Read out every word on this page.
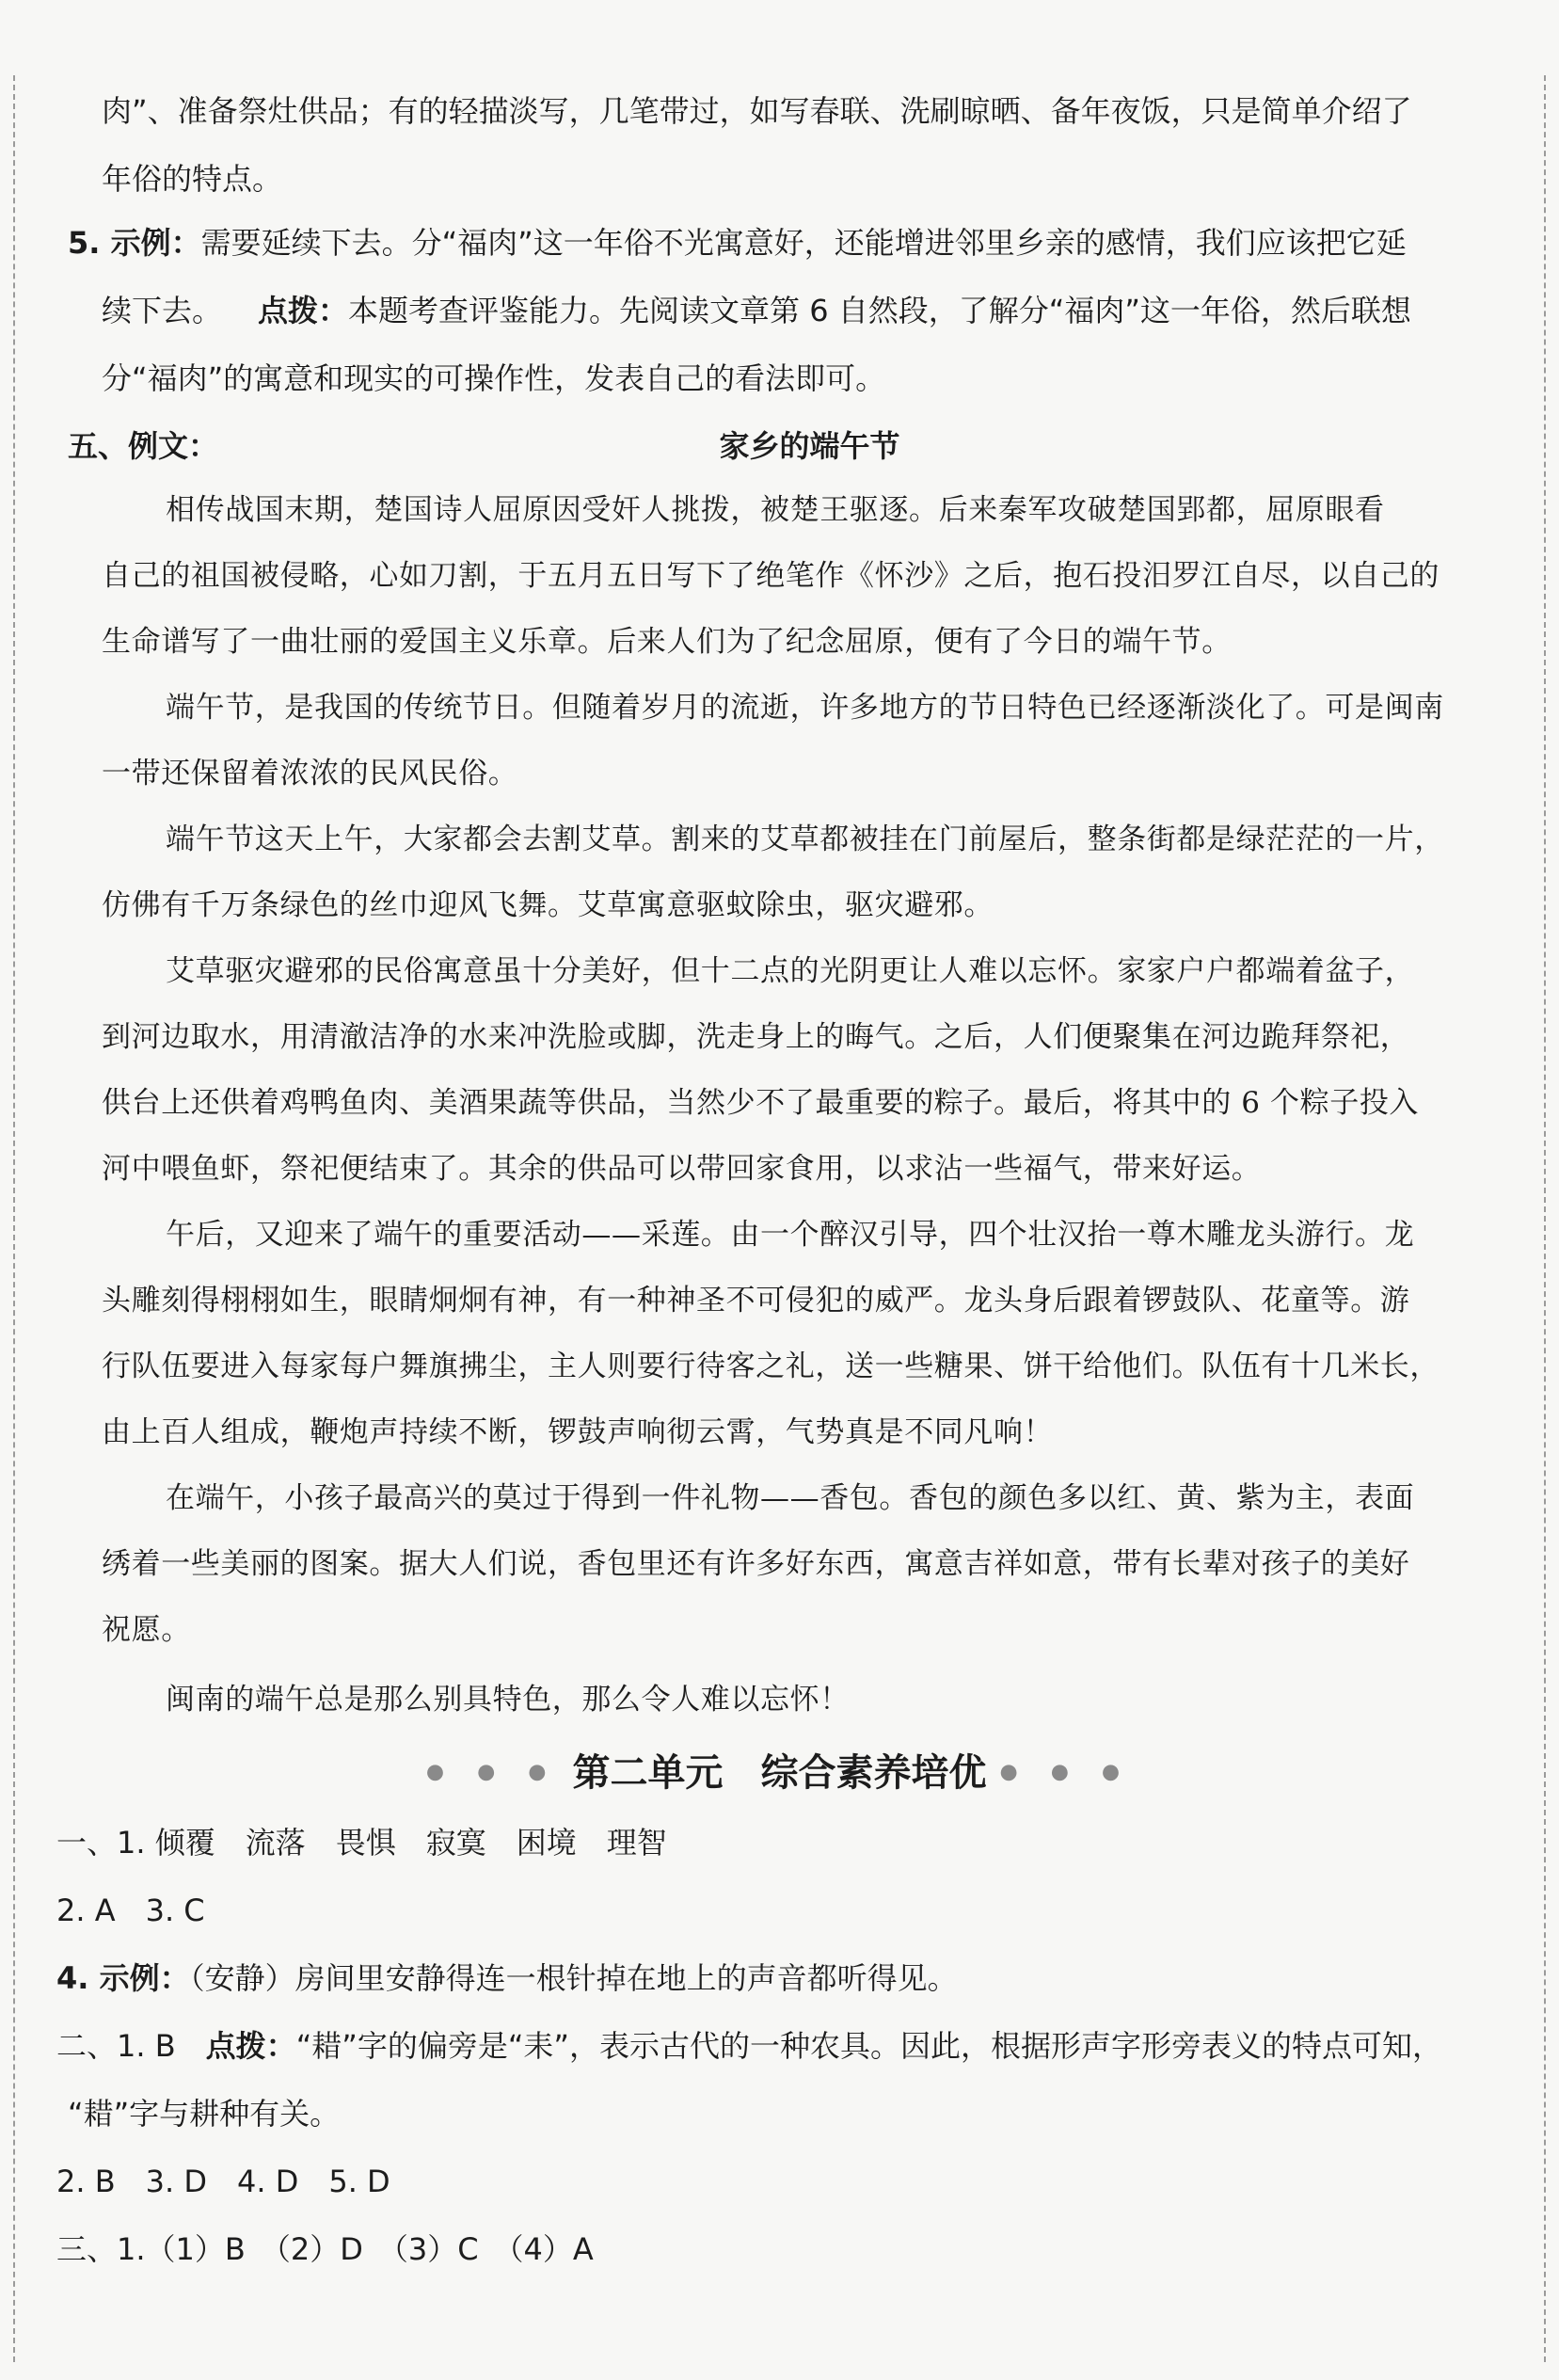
肉”、准备祭灶供品；有的轻描淡写，几笔带过，如写春联、洗刷晾晒、备年夜饭，只是简单介绍了
年俗的特点。
5. 示例：需要延续下去。分“福肉”这一年俗不光寓意好，还能增进邻里乡亲的感情，我们应该把它延
续下去。 点拨：本题考查评鉴能力。先阅读文章第 6 自然段，了解分“福肉”这一年俗，然后联想
分“福肉”的寓意和现实的可操作性，发表自己的看法即可。
五、例文：	家乡的端午节
相传战国末期，楚国诗人屈原因受奸人挑拨，被楚王驱逐。后来秦军攻破楚国郢都，屈原眼看
自己的祖国被侵略，心如刀割，于五月五日写下了绝笔作《怀沙》之后，抱石投汨罗江自尽，以自己的
生命谱写了一曲壮丽的爱国主义乐章。后来人们为了纪念屈原，便有了今日的端午节。
端午节，是我国的传统节日。但随着岁月的流逝，许多地方的节日特色已经逐渐淡化了。可是闽南
一带还保留着浓浓的民风民俗。
端午节这天上午，大家都会去割艾草。割来的艾草都被挂在门前屋后，整条街都是绿茫茫的一片，
仿佛有千万条绿色的丝巾迎风飞舞。艾草寓意驱蚊除虫，驱灾避邪。
艾草驱灾避邪的民俗寓意虽十分美好，但十二点的光阴更让人难以忘怀。家家户户都端着盆子，
到河边取水，用清澈洁净的水来冲洗脸或脚，洗走身上的晦气。之后，人们便聚集在河边跪拜祭祀，
供台上还供着鸡鸭鱼肉、美酒果蔬等供品，当然少不了最重要的粽子。最后，将其中的 6 个粽子投入
河中喂鱼虾，祭祀便结束了。其余的供品可以带回家食用，以求沾一些福气，带来好运。
午后，又迎来了端午的重要活动——采莲。由一个醉汉引导，四个壮汉抬一尊木雕龙头游行。龙
头雕刻得栩栩如生，眼睛炯炯有神，有一种神圣不可侵犯的威严。龙头身后跟着锣鼓队、花童等。游
行队伍要进入每家每户舞旗拂尘，主人则要行待客之礼，送一些糖果、饼干给他们。队伍有十几米长，
由上百人组成，鞭炮声持续不断，锣鼓声响彻云霄，气势真是不同凡响！
在端午，小孩子最高兴的莫过于得到一件礼物——香包。香包的颜色多以红、黄、紫为主，表面
绣着一些美丽的图案。据大人们说，香包里还有许多好东西，寓意吉祥如意，带有长辈对孩子的美好
祝愿。
闽南的端午总是那么别具特色，那么令人难以忘怀！
● ● ● 第二单元　综合素养培优 ● ● ●
一、1. 倾覆　流落　畏惧　寂寞　困境　理智
2. A　3. C
4. 示例：（安静）房间里安静得连一根针掉在地上的声音都听得见。
二、1. B 点拨：“耤”字的偏旁是“耒”，表示古代的一种农具。因此，根据形声字形旁表义的特点可知，
“耤”字与耕种有关。
2. B　3. D　4. D　5. D
三、1.（1）B　（2）D　（3）C　（4）A
